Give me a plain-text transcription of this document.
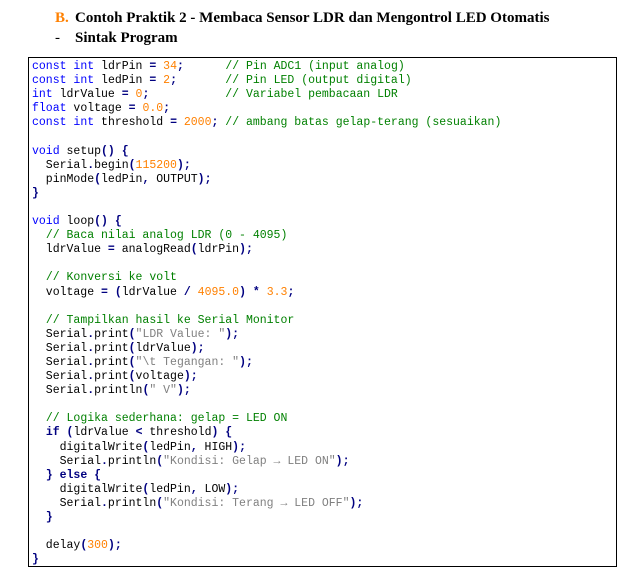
B. Contoh Praktik 2 - Membaca Sensor LDR dan Mengontrol LED Otomatis
- Sintak Program
const int ldrPin = 34;	// Pin ADC1 (input analog)
const int ledPin = 2;	// Pin LED (output digital)
int ldrValue = 0;	// Variabel pembacaan LDR
float voltage = 0.0;
const int threshold = 2000; // ambang batas gelap-terang (sesuaikan)
void setup() {
Serial.begin(115200);
pinMode(ledPin, OUTPUT);
}
void loop() {
// Baca nilai analog LDR (0 - 4095)
ldrValue = analogRead(ldrPin);
// Konversi ke volt
voltage = (ldrValue / 4095.0) * 3.3;
// Tampilkan hasil ke Serial Monitor
Serial.print("LDR Value: ");
Serial.print(ldrValue);
Serial.print("\t Tegangan: ");
Serial.print(voltage);
Serial.println(" V");
// Logika sederhana: gelap = LED ON
if (ldrValue < threshold) {
digitalWrite(ledPin, HIGH);
Serial.println("Kondisi: Gelap → LED ON");
} else {
digitalWrite(ledPin, LOW);
Serial.println("Kondisi: Terang → LED OFF");
}
delay(300);
}
